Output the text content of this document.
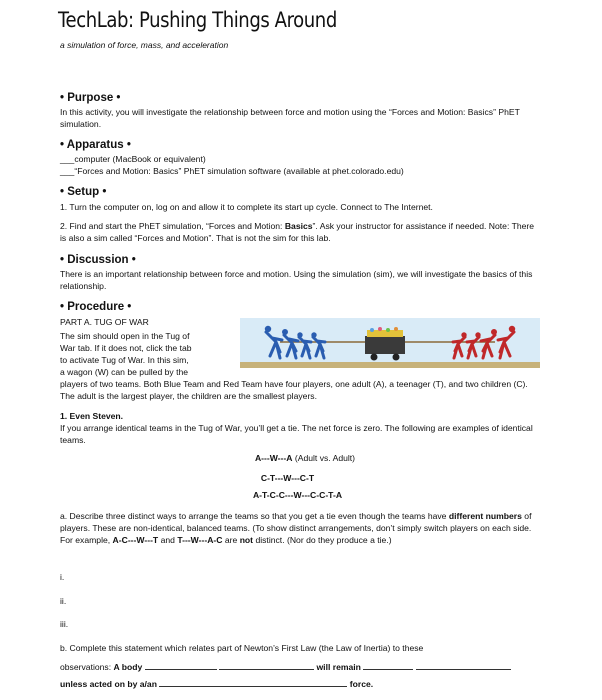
TechLab: Pushing Things Around
a simulation of force, mass, and acceleration
• Purpose •
In this activity, you will investigate the relationship between force and motion using the “Forces and Motion: Basics” PhET simulation.
• Apparatus •
___computer (MacBook or equivalent)
___“Forces and Motion: Basics” PhET simulation software (available at phet.colorado.edu)
• Setup •
1. Turn the computer on, log on and allow it to complete its start up cycle. Connect to The Internet.
2. Find and start the PhET simulation, “Forces and Motion: Basics”. Ask your instructor for assistance if needed. Note: There is also a sim called “Forces and Motion”. That is not the sim for this lab.
• Discussion •
There is an important relationship between force and motion. Using the simulation (sim), we will investigate the basics of this relationship.
• Procedure •
PART A. TUG OF WAR
The sim should open in the Tug of
War tab. If it does not, click the tab
to activate Tug of War. In this sim,
a wagon (W) can be pulled by the
players of two teams. Both Blue Team and Red Team have four players, one adult (A), a teenager (T), and two children (C). The adult is the largest player, the children are the smallest players.
1. Even Steven.
If you arrange identical teams in the Tug of War, you’ll get a tie. The net force is zero. The following are examples of identical teams.
A---W---A (Adult vs. Adult)
C-T---W---C-T
A-T-C-C---W---C-C-T-A
a. Describe three distinct ways to arrange the teams so that you get a tie even though the teams have different numbers of players. These are non-identical, balanced teams. (To show distinct arrangements, don’t simply switch players on each side. For example, A-C---W---T and T---W---A-C are not distinct. (Nor do they produce a tie.)
i.
ii.
iii.
b. Complete this statement which relates part of Newton’s First Law (the Law of Inertia) to these
observations: A body	will remain
unless acted on by a/an	force.
